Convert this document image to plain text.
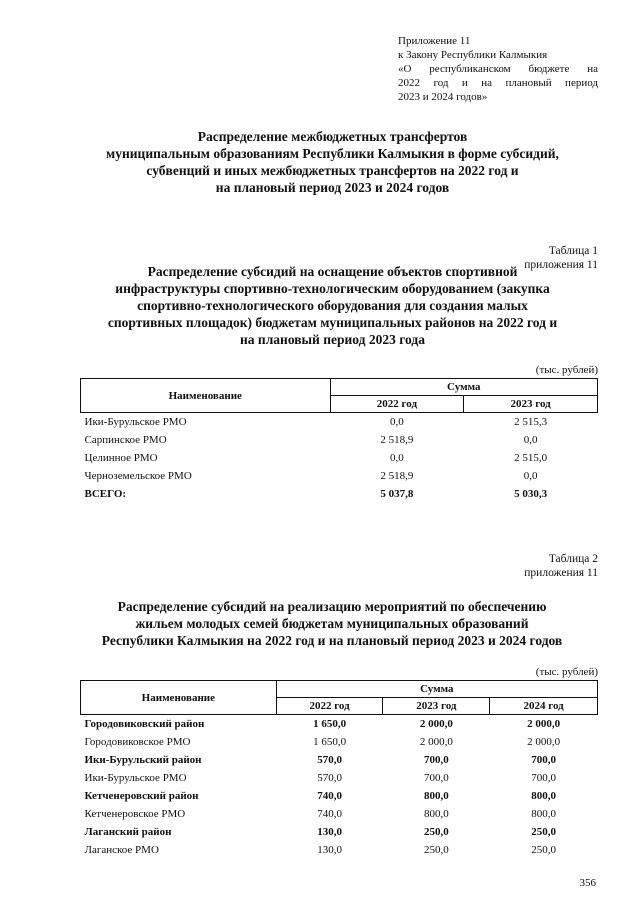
Приложение 11
к Закону Республики Калмыкия
«О республиканском бюджете на
2022 год и на плановый период
2023 и 2024 годов»
Распределение межбюджетных трансфертов
муниципальным образованиям Республики Калмыкия в форме субсидий,
субвенций и иных межбюджетных трансфертов на 2022 год и
на плановый период 2023 и 2024 годов
Таблица 1
приложения 11
Распределение субсидий на оснащение объектов спортивной
инфраструктуры спортивно-технологическим оборудованием (закупка
спортивно-технологического оборудования для создания малых
спортивных площадок) бюджетам муниципальных районов на 2022 год и
на плановый период 2023 года
(тыс. рублей)
Наименование	Сумма	
	2022 год	2023 год
Ики-Бурульское РМО	0,0	2 515,3
Сарпинское РМО	2 518,9	0,0
Целинное РМО	0,0	2 515,0
Черноземельское РМО	2 518,9	0,0
ВСЕГО:	5 037,8	5 030,3
Таблица 2
приложения 11
Распределение субсидий на реализацию мероприятий по обеспечению
жильем молодых семей бюджетам муниципальных образований
Республики Калмыкия на 2022 год и на плановый период 2023 и 2024 годов
(тыс. рублей)
Наименование	Сумма		
	2022 год	2023 год	2024 год
Городовиковский район	1 650,0	2 000,0	2 000,0
Городовиковское РМО	1 650,0	2 000,0	2 000,0
Ики-Бурульский район	570,0	700,0	700,0
Ики-Бурульское РМО	570,0	700,0	700,0
Кетченеровский район	740,0	800,0	800,0
Кетченеровское РМО	740,0	800,0	800,0
Лаганский район	130,0	250,0	250,0
Лаганское РМО	130,0	250,0	250,0
356
